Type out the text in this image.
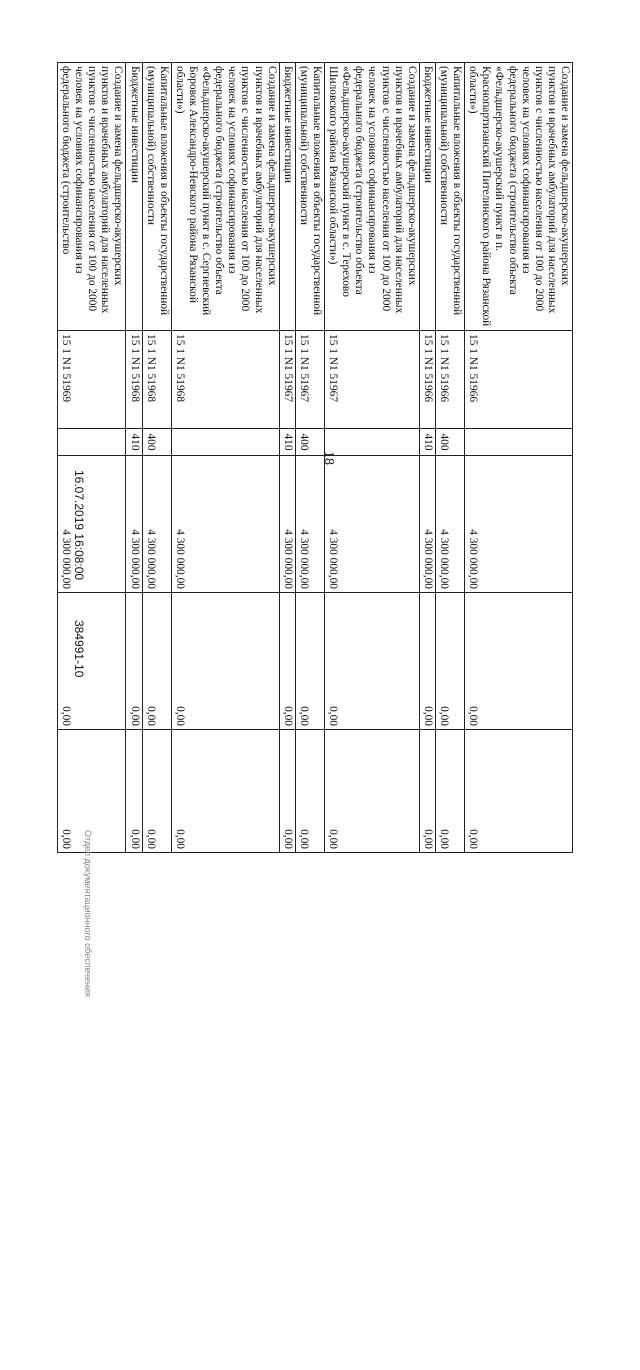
18
Создание и замена фельдшерско-акушерских пунктов и врачебных амбулаторий для населенных пунктов с численностью населения от 100 до 2000 человек на условиях софинансирования из федерального бюджета (строительство объекта «Фельдшерско-акушерский пункт в п. Краснопартизанский Пителинского района Рязанской области»)	15 1 N1 51966		4 300 000,00	0,00	0,00
Капитальные вложения в объекты государственной (муниципальной) собственности	15 1 N1 51966	400	4 300 000,00	0,00	0,00
Бюджетные инвестиции	15 1 N1 51966	410	4 300 000,00	0,00	0,00
Создание и замена фельдшерско-акушерских пунктов и врачебных амбулаторий для населенных пунктов с численностью населения от 100 до 2000 человек на условиях софинансирования из федерального бюджета (строительство объекта «Фельдшерско-акушерский пункт в с. Терехово Шиловского района Рязанской области»)	15 1 N1 51967		4 300 000,00	0,00	0,00
Капитальные вложения в объекты государственной (муниципальной) собственности	15 1 N1 51967	400	4 300 000,00	0,00	0,00
Бюджетные инвестиции	15 1 N1 51967	410	4 300 000,00	0,00	0,00
Создание и замена фельдшерско-акушерских пунктов и врачебных амбулаторий для населенных пунктов с численностью населения от 100 до 2000 человек на условиях софинансирования из федерального бюджета (строительство объекта «Фельдшерско-акушерский пункт в с. Сергиевский Боровок Александро-Невского района Рязанской области»)	15 1 N1 51968		4 300 000,00	0,00	0,00
Капитальные вложения в объекты государственной (муниципальной) собственности	15 1 N1 51968	400	4 300 000,00	0,00	0,00
Бюджетные инвестиции	15 1 N1 51968	410	4 300 000,00	0,00	0,00
Создание и замена фельдшерско-акушерских пунктов и врачебных амбулаторий для населенных пунктов с численностью населения от 100 до 2000 человек на условиях софинансирования из федерального бюджета (строительство	15 1 N1 51969		4 300 000,00	0,00	0,00
16.07.2019 16:08:00
384991-10
Отдел документационного обеспечения
